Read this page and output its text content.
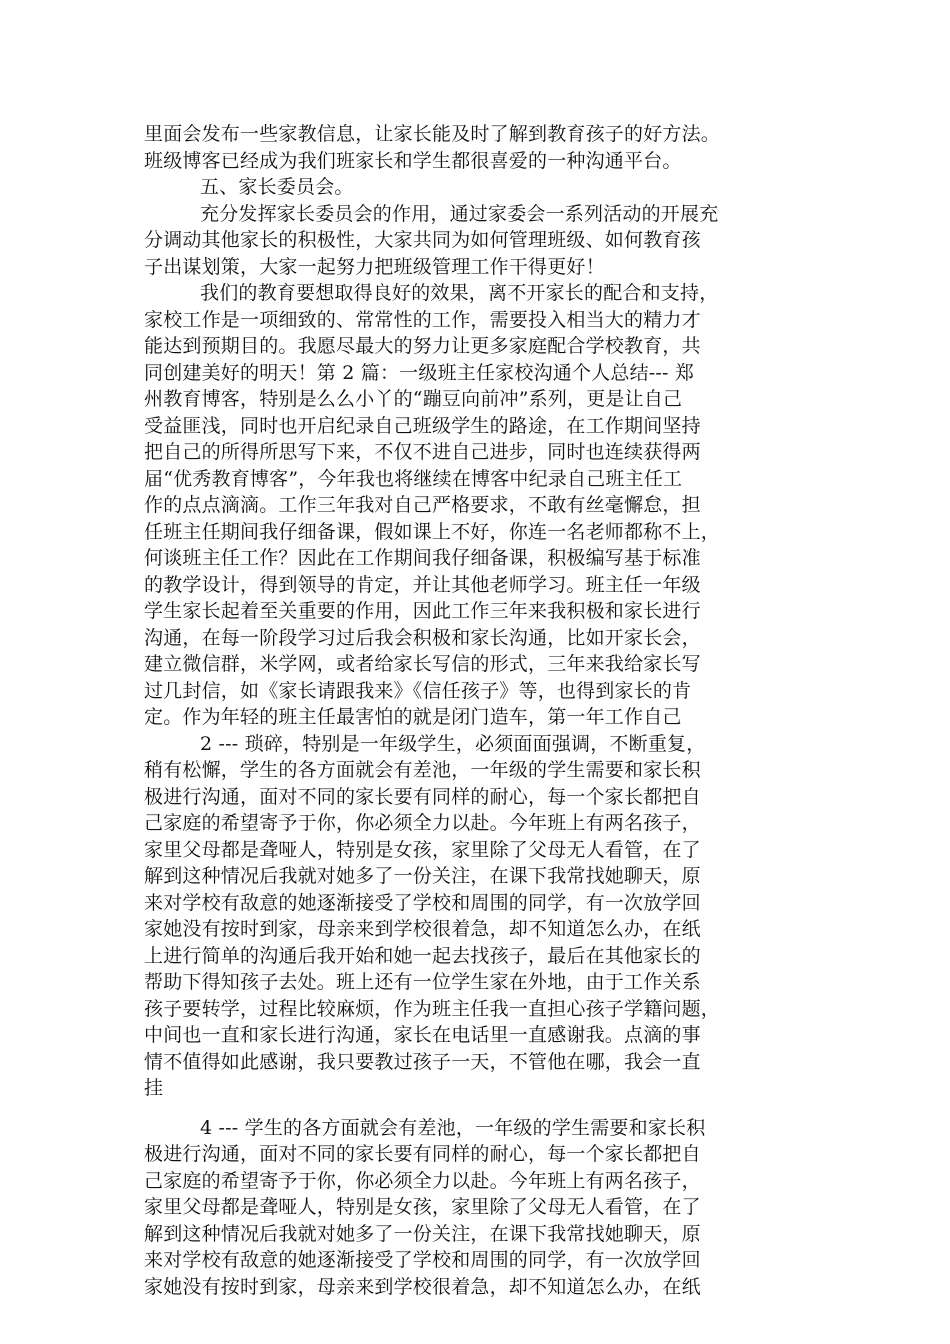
里面会发布一些家教信息，让家长能及时了解到教育孩子的好方法。
班级博客已经成为我们班家长和学生都很喜爱的一种沟通平台。
五、家长委员会。
充分发挥家长委员会的作用，通过家委会一系列活动的开展充
分调动其他家长的积极性，大家共同为如何管理班级、如何教育孩
子出谋划策，大家一起努力把班级管理工作干得更好！
我们的教育要想取得良好的效果，离不开家长的配合和支持，
家校工作是一项细致的、常常性的工作，需要投入相当大的精力才
能达到预期目的。我愿尽最大的努力让更多家庭配合学校教育，共
同创建美好的明天！第 2 篇：一级班主任家校沟通个人总结--- 郑
州教育博客，特别是么么小丫的“蹦豆向前冲”系列，更是让自己
受益匪浅，同时也开启纪录自己班级学生的路途，在工作期间坚持
把自己的所得所思写下来，不仅不进自己进步，同时也连续获得两
届“优秀教育博客”，今年我也将继续在博客中纪录自己班主任工
作的点点滴滴。工作三年我对自己严格要求，不敢有丝毫懈怠，担
任班主任期间我仔细备课，假如课上不好，你连一名老师都称不上，
何谈班主任工作？因此在工作期间我仔细备课，积极编写基于标准
的教学设计，得到领导的肯定，并让其他老师学习。班主任一年级
学生家长起着至关重要的作用，因此工作三年来我积极和家长进行
沟通，在每一阶段学习过后我会积极和家长沟通，比如开家长会，
建立微信群，米学网，或者给家长写信的形式，三年来我给家长写
过几封信，如《家长请跟我来》《信任孩子》等，也得到家长的肯
定。作为年轻的班主任最害怕的就是闭门造车，第一年工作自己
2 --- 琐碎，特别是一年级学生，必须面面强调，不断重复，
稍有松懈，学生的各方面就会有差池，一年级的学生需要和家长积
极进行沟通，面对不同的家长要有同样的耐心，每一个家长都把自
己家庭的希望寄予于你，你必须全力以赴。今年班上有两名孩子，
家里父母都是聋哑人，特别是女孩，家里除了父母无人看管，在了
解到这种情况后我就对她多了一份关注，在课下我常找她聊天，原
来对学校有敌意的她逐渐接受了学校和周围的同学，有一次放学回
家她没有按时到家，母亲来到学校很着急，却不知道怎么办，在纸
上进行简单的沟通后我开始和她一起去找孩子，最后在其他家长的
帮助下得知孩子去处。班上还有一位学生家在外地，由于工作关系
孩子要转学，过程比较麻烦，作为班主任我一直担心孩子学籍问题，
中间也一直和家长进行沟通，家长在电话里一直感谢我。点滴的事
情不值得如此感谢，我只要教过孩子一天，不管他在哪，我会一直
挂
4 --- 学生的各方面就会有差池，一年级的学生需要和家长积
极进行沟通，面对不同的家长要有同样的耐心，每一个家长都把自
己家庭的希望寄予于你，你必须全力以赴。今年班上有两名孩子，
家里父母都是聋哑人，特别是女孩，家里除了父母无人看管，在了
解到这种情况后我就对她多了一份关注，在课下我常找她聊天，原
来对学校有敌意的她逐渐接受了学校和周围的同学，有一次放学回
家她没有按时到家，母亲来到学校很着急，却不知道怎么办，在纸
